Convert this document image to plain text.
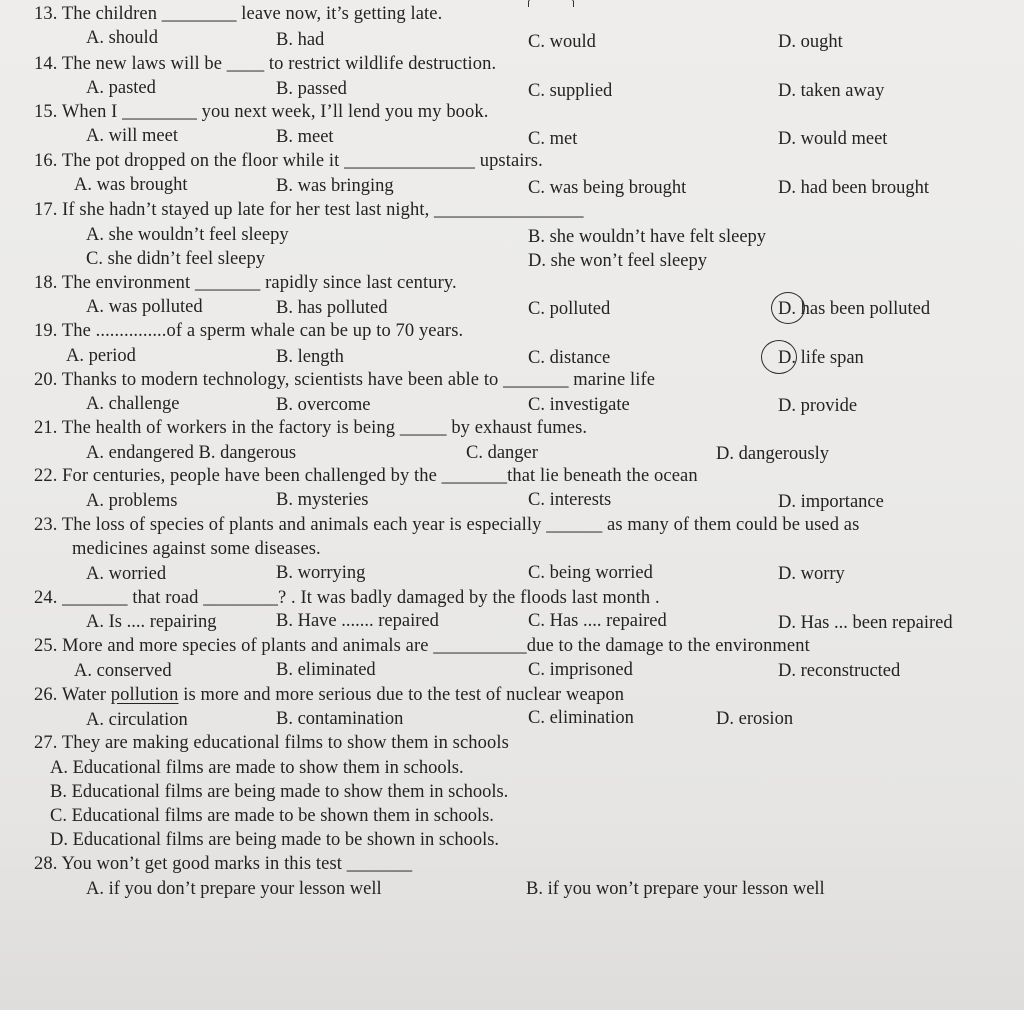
13. The children ________ leave now, it’s getting late.
A. should	B. had	C. would	D. ought
14. The new laws will be ____ to restrict wildlife destruction.
A. pasted	B. passed	C. supplied	D. taken away
15. When I ________ you next week, I’ll lend you my book.
A. will meet	B. meet	C. met	D. would meet
16. The pot dropped on the floor while it ______________ upstairs.
A. was brought	B. was bringing	C. was being brought	D. had been brought
17. If she hadn’t stayed up late for her test last night, ________________
A. she wouldn’t feel sleepy	B. she wouldn’t have felt sleepy
C. she didn’t feel sleepy	D. she won’t feel sleepy
18. The environment _______ rapidly since last century.
A. was polluted	B. has polluted	C. polluted	D. has been polluted
19. The ...............of a sperm whale can be up to 70 years.
A. period	B. length	C. distance	D. life span
20. Thanks to modern technology, scientists have been able to _______ marine life
A. challenge	B. overcome	C. investigate	D. provide
21. The health of workers in the factory is being _____ by exhaust fumes.
A. endangered B. dangerous	C. danger	D. dangerously
22. For centuries, people have been challenged by the _______that lie beneath the ocean
A. problems	B. mysteries	C. interests	D. importance
23. The loss of species of plants and animals each year is especially ______ as many of them could be used as
medicines against some diseases.
A. worried	B. worrying	C. being worried	D. worry
24. _______ that road ________? . It was badly damaged by the floods last month .
A. Is .... repairing	B. Have ....... repaired	C. Has .... repaired	D. Has ... been repaired
25. More and more species of plants and animals are __________due to the damage to the environment
A. conserved	B. eliminated	C. imprisoned	D. reconstructed
26. Water pollution is more and more serious due to the test of nuclear weapon
A. circulation	B. contamination	C. elimination	D. erosion
27. They are making educational films to show them in schools
A. Educational films are made to show them in schools.
B. Educational films are being made to show them in schools.
C. Educational films are made to be shown them in schools.
D. Educational films are being made to be shown in schools.
28. You won’t get good marks in this test _______
A. if you don’t prepare your lesson well	B. if you won’t prepare your lesson well
